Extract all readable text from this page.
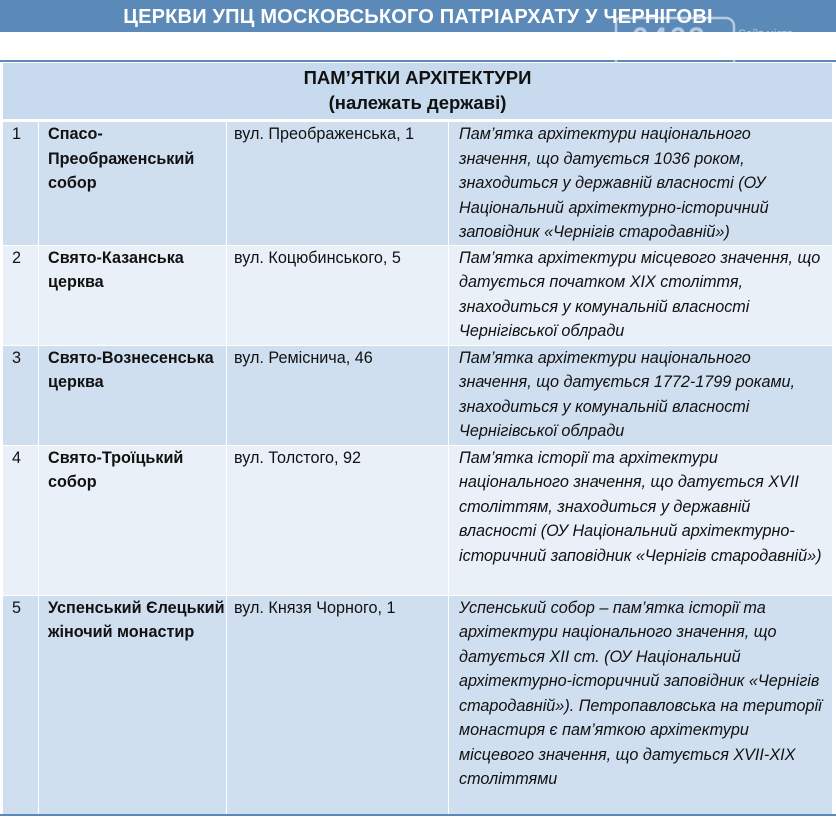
ЦЕРКВИ УПЦ МОСКОВСЬКОГО ПАТРІАРХАТУ У ЧЕРНІГОВІ
0462	Сайт міста
Чернігова
ПАМ’ЯТКИ АРХІТЕКТУРИ
(належать державі)			

1	Спасо-Преображенський собор	вул. Преображенська, 1	Пам’ятка архітектури національного значення, що датується 1036 роком, знаходиться у державній власності (ОУ Національний архітектурно-історичний заповідник «Чернігів стародавній»)
2	Свято-Казанська церква	вул. Коцюбинського, 5	Пам’ятка архітектури місцевого значення, що датується початком XIX століття, знаходиться у комунальній власності Чернігівської облради
3	Свято-Вознесенська церква	вул. Реміснича, 46	Пам’ятка архітектури національного значення, що датується 1772-1799 роками, знаходиться у комунальній власності Чернігівської облради
4	Свято-Троїцький собор	вул. Толстого, 92	Пам’ятка історії та архітектури національного значення, що датується XVII століттям, знаходиться у державній власності (ОУ Національний архітектурно-історичний заповідник «Чернігів стародавній»)
5	Успенський Єлецький жіночий монастир	вул. Князя Чорного, 1	Успенський собор – пам’ятка історії та архітектури національного значення, що датується XII ст. (ОУ Національний архітектурно-історичний заповідник «Чернігів стародавній»). Петропавловська на території монастиря є пам’яткою архітектури місцевого значення, що датується XVII-XIX століттями
